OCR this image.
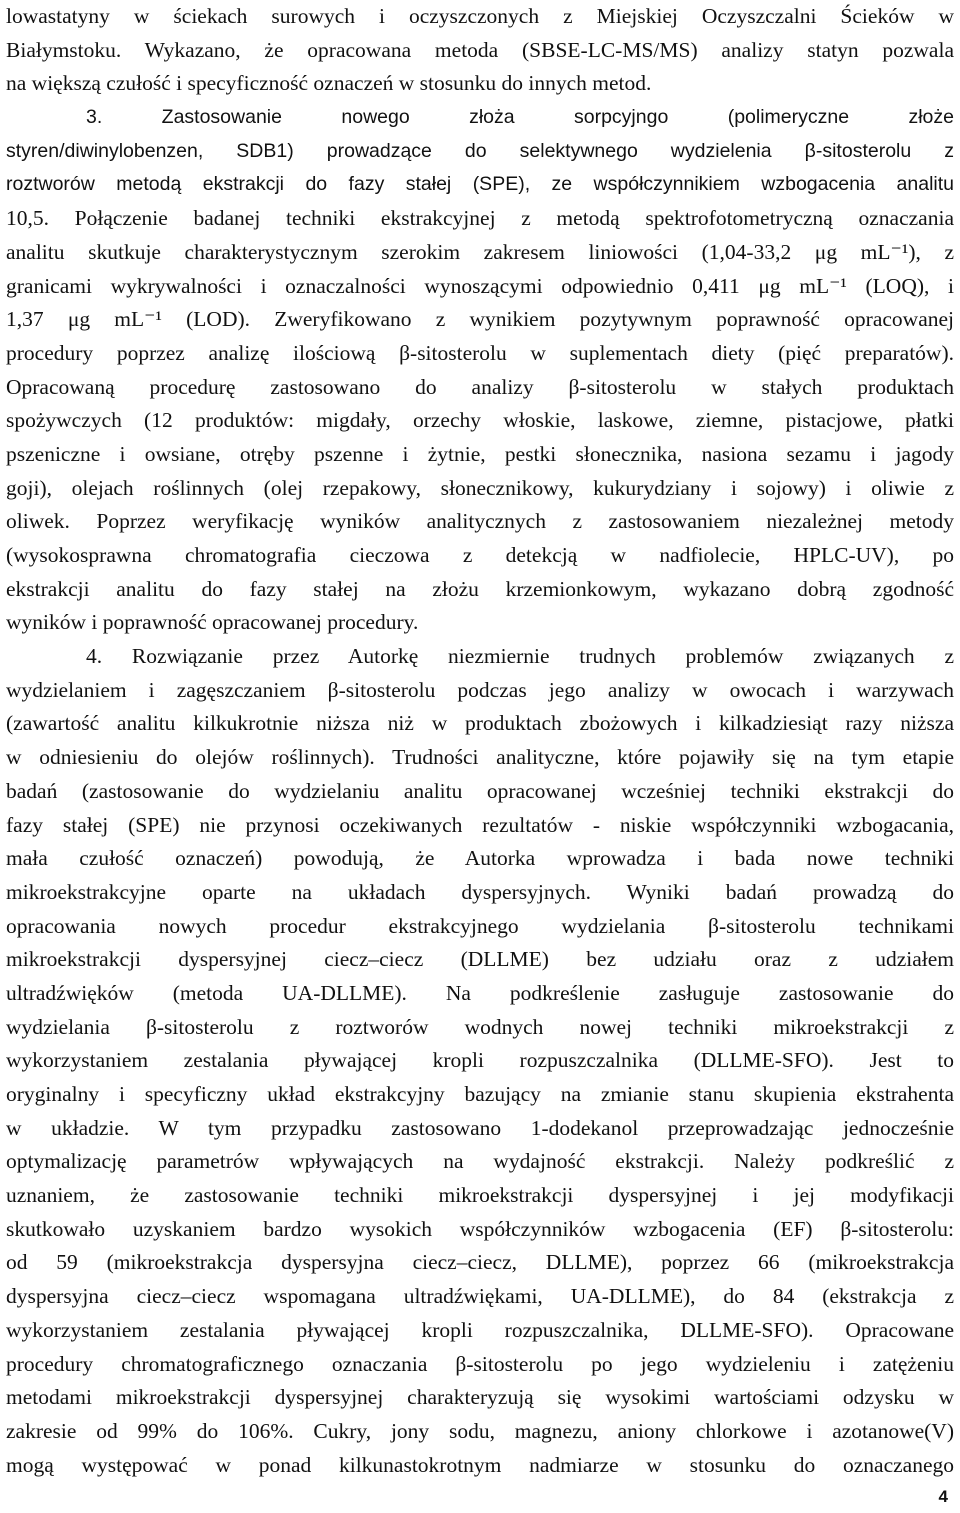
lowastatyny w ściekach surowych i oczyszczonych z Miejskiej Oczyszczalni Ścieków w
Białymstoku. Wykazano, że opracowana metoda (SBSE-LC-MS/MS) analizy statyn pozwala
na większą czułość i specyficzność oznaczeń w stosunku do innych metod.
3. Zastosowanie nowego złoża sorpcyjngo (polimeryczne złoże
styren/diwinylobenzen, SDB1) prowadzące do selektywnego wydzielenia β-sitosterolu z
roztworów metodą ekstrakcji do fazy stałej (SPE), ze współczynnikiem wzbogacenia analitu
10,5. Połączenie badanej techniki ekstrakcyjnej z metodą spektrofotometryczną oznaczania
analitu skutkuje charakterystycznym szerokim zakresem liniowości (1,04-33,2 μg mL⁻¹), z
granicami wykrywalności i oznaczalności wynoszącymi odpowiednio 0,411 μg mL⁻¹ (LOQ), i
1,37 μg mL⁻¹ (LOD). Zweryfikowano z wynikiem pozytywnym poprawność opracowanej
procedury poprzez analizę ilościową β-sitosterolu w suplementach diety (pięć preparatów).
Opracowaną procedurę zastosowano do analizy β-sitosterolu w stałych produktach
spożywczych (12 produktów: migdały, orzechy włoskie, laskowe, ziemne, pistacjowe, płatki
pszeniczne i owsiane, otręby pszenne i żytnie, pestki słonecznika, nasiona sezamu i jagody
goji), olejach roślinnych (olej rzepakowy, słonecznikowy, kukurydziany i sojowy) i oliwie z
oliwek. Poprzez weryfikację wyników analitycznych z zastosowaniem niezależnej metody
(wysokosprawna chromatografia cieczowa z detekcją w nadfiolecie, HPLC-UV), po
ekstrakcji analitu do fazy stałej na złożu krzemionkowym, wykazano dobrą zgodność
wyników i poprawność opracowanej procedury.
4. Rozwiązanie przez Autorkę niezmiernie trudnych problemów związanych z
wydzielaniem i zagęszczaniem β-sitosterolu podczas jego analizy w owocach i warzywach
(zawartość analitu kilkukrotnie niższa niż w produktach zbożowych i kilkadziesiąt razy niższa
w odniesieniu do olejów roślinnych). Trudności analityczne, które pojawiły się na tym etapie
badań (zastosowanie do wydzielaniu analitu opracowanej wcześniej techniki ekstrakcji do
fazy stałej (SPE) nie przynosi oczekiwanych rezultatów - niskie współczynniki wzbogacania,
mała czułość oznaczeń) powodują, że Autorka wprowadza i bada nowe techniki
mikroekstrakcyjne oparte na układach dyspersyjnych. Wyniki badań prowadzą do
opracowania nowych procedur ekstrakcyjnego wydzielania β-sitosterolu technikami
mikroekstrakcji dyspersyjnej ciecz–ciecz (DLLME) bez udziału oraz z udziałem
ultradźwięków (metoda UA-DLLME). Na podkreślenie zasługuje zastosowanie do
wydzielania β-sitosterolu z roztworów wodnych nowej techniki mikroekstrakcji z
wykorzystaniem zestalania pływającej kropli rozpuszczalnika (DLLME-SFO). Jest to
oryginalny i specyficzny układ ekstrakcyjny bazujący na zmianie stanu skupienia ekstrahenta
w układzie. W tym przypadku zastosowano 1-dodekanol przeprowadzając jednocześnie
optymalizację parametrów wpływających na wydajność ekstrakcji. Należy podkreślić z
uznaniem, że zastosowanie techniki mikroekstrakcji dyspersyjnej i jej modyfikacji
skutkowało uzyskaniem bardzo wysokich współczynników wzbogacenia (EF) β-sitosterolu:
od 59 (mikroekstrakcja dyspersyjna ciecz–ciecz, DLLME), poprzez 66 (mikroekstrakcja
dyspersyjna ciecz–ciecz wspomagana ultradźwiękami, UA-DLLME), do 84 (ekstrakcja z
wykorzystaniem zestalania pływającej kropli rozpuszczalnika, DLLME-SFO). Opracowane
procedury chromatograficznego oznaczania β-sitosterolu po jego wydzieleniu i zatężeniu
metodami mikroekstrakcji dyspersyjnej charakteryzują się wysokimi wartościami odzysku w
zakresie od 99% do 106%. Cukry, jony sodu, magnezu, aniony chlorkowe i azotanowe(V)
mogą występować w ponad kilkunastokrotnym nadmiarze w stosunku do oznaczanego
4
